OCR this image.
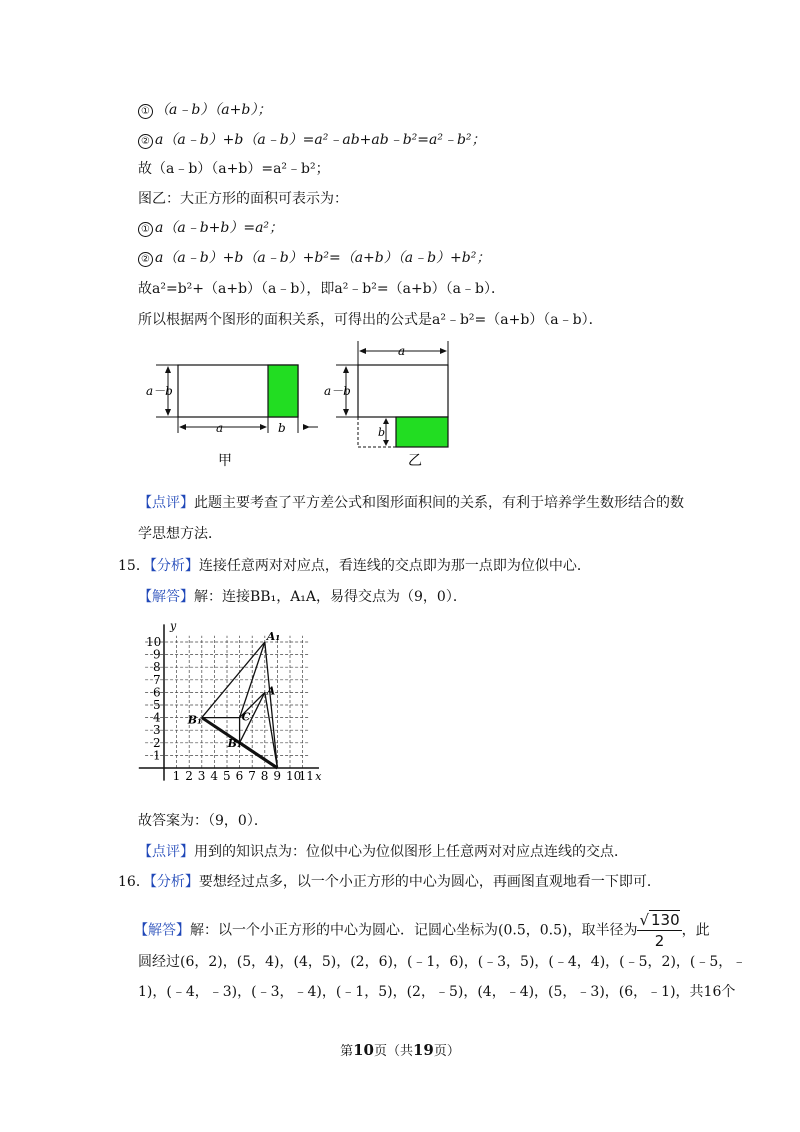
① （a﹣b）（a+b）；
② a（a﹣b）+b（a﹣b）=a²﹣ab+ab﹣b²=a²﹣b²；
故（a﹣b）（a+b）=a²﹣b²；
图乙：大正方形的面积可表示为：
① a（a﹣b+b）=a²；
② a（a﹣b）+b（a﹣b）+b²=（a+b）（a﹣b）+b²；
故a²=b²+（a+b）（a﹣b），即a²﹣b²=（a+b）（a﹣b）．
所以根据两个图形的面积关系，可得出的公式是a²﹣b²=（a+b）（a﹣b）．
a－b
a	b
甲
a
a－b
b
乙
【点评】此题主要考查了平方差公式和图形面积间的关系，有利于培养学生数形结合的数
学思想方法．
15．【分析】连接任意两对对应点，看连线的交点即为那一点即为位似中心．
【解答】解：连接BB₁，A₁A，易得交点为（9，0）．
1 2 3 4 5 6 7 8 9 10
11
1
2
3
4
5
6
7
8
9
10
y
x
A₁
A
B₁
B₁
C
故答案为：（9，0）．
【点评】用到的知识点为：位似中心为位似图形上任意两对对应点连线的交点．
16．【分析】要想经过点多，以一个小正方形的中心为圆心，再画图直观地看一下即可．
【解答】解：以一个小正方形的中心为圆心．记圆心坐标为(0.5，0.5)，取半径为 $\frac{√ 130}{2}$ ，此
圆经过(6，2)，(5，4)，(4，5)，(2，6)，(﹣1，6)，(﹣3，5)，(﹣4，4)，(﹣5，2)，(﹣5，﹣
1)，(﹣4，﹣3)，(﹣3，﹣4)，(﹣1，5)，(2，﹣5)，(4，﹣4)，(5，﹣3)，(6，﹣1)，共16个
第10页（共19页）
